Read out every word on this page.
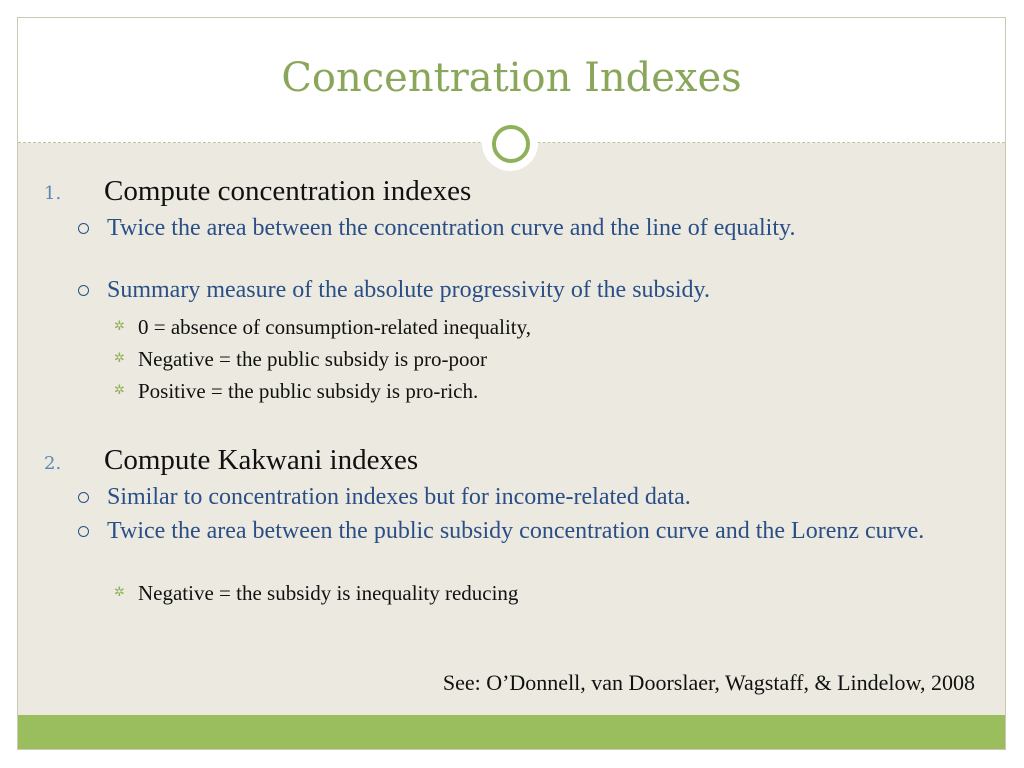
Concentration Indexes
1. Compute concentration indexes
Twice the area between the concentration curve and the line of equality.
Summary measure of the absolute progressivity of the subsidy.
✲ 0 = absence of consumption-related inequality,
✲ Negative = the public subsidy is pro-poor
✲ Positive = the public subsidy is pro-rich.
2. Compute Kakwani indexes
Similar to concentration indexes but for income-related data.
Twice the area between the public subsidy concentration curve and the Lorenz curve.
✲ Negative = the subsidy is inequality reducing
See: O’Donnell, van Doorslaer, Wagstaff, & Lindelow, 2008
